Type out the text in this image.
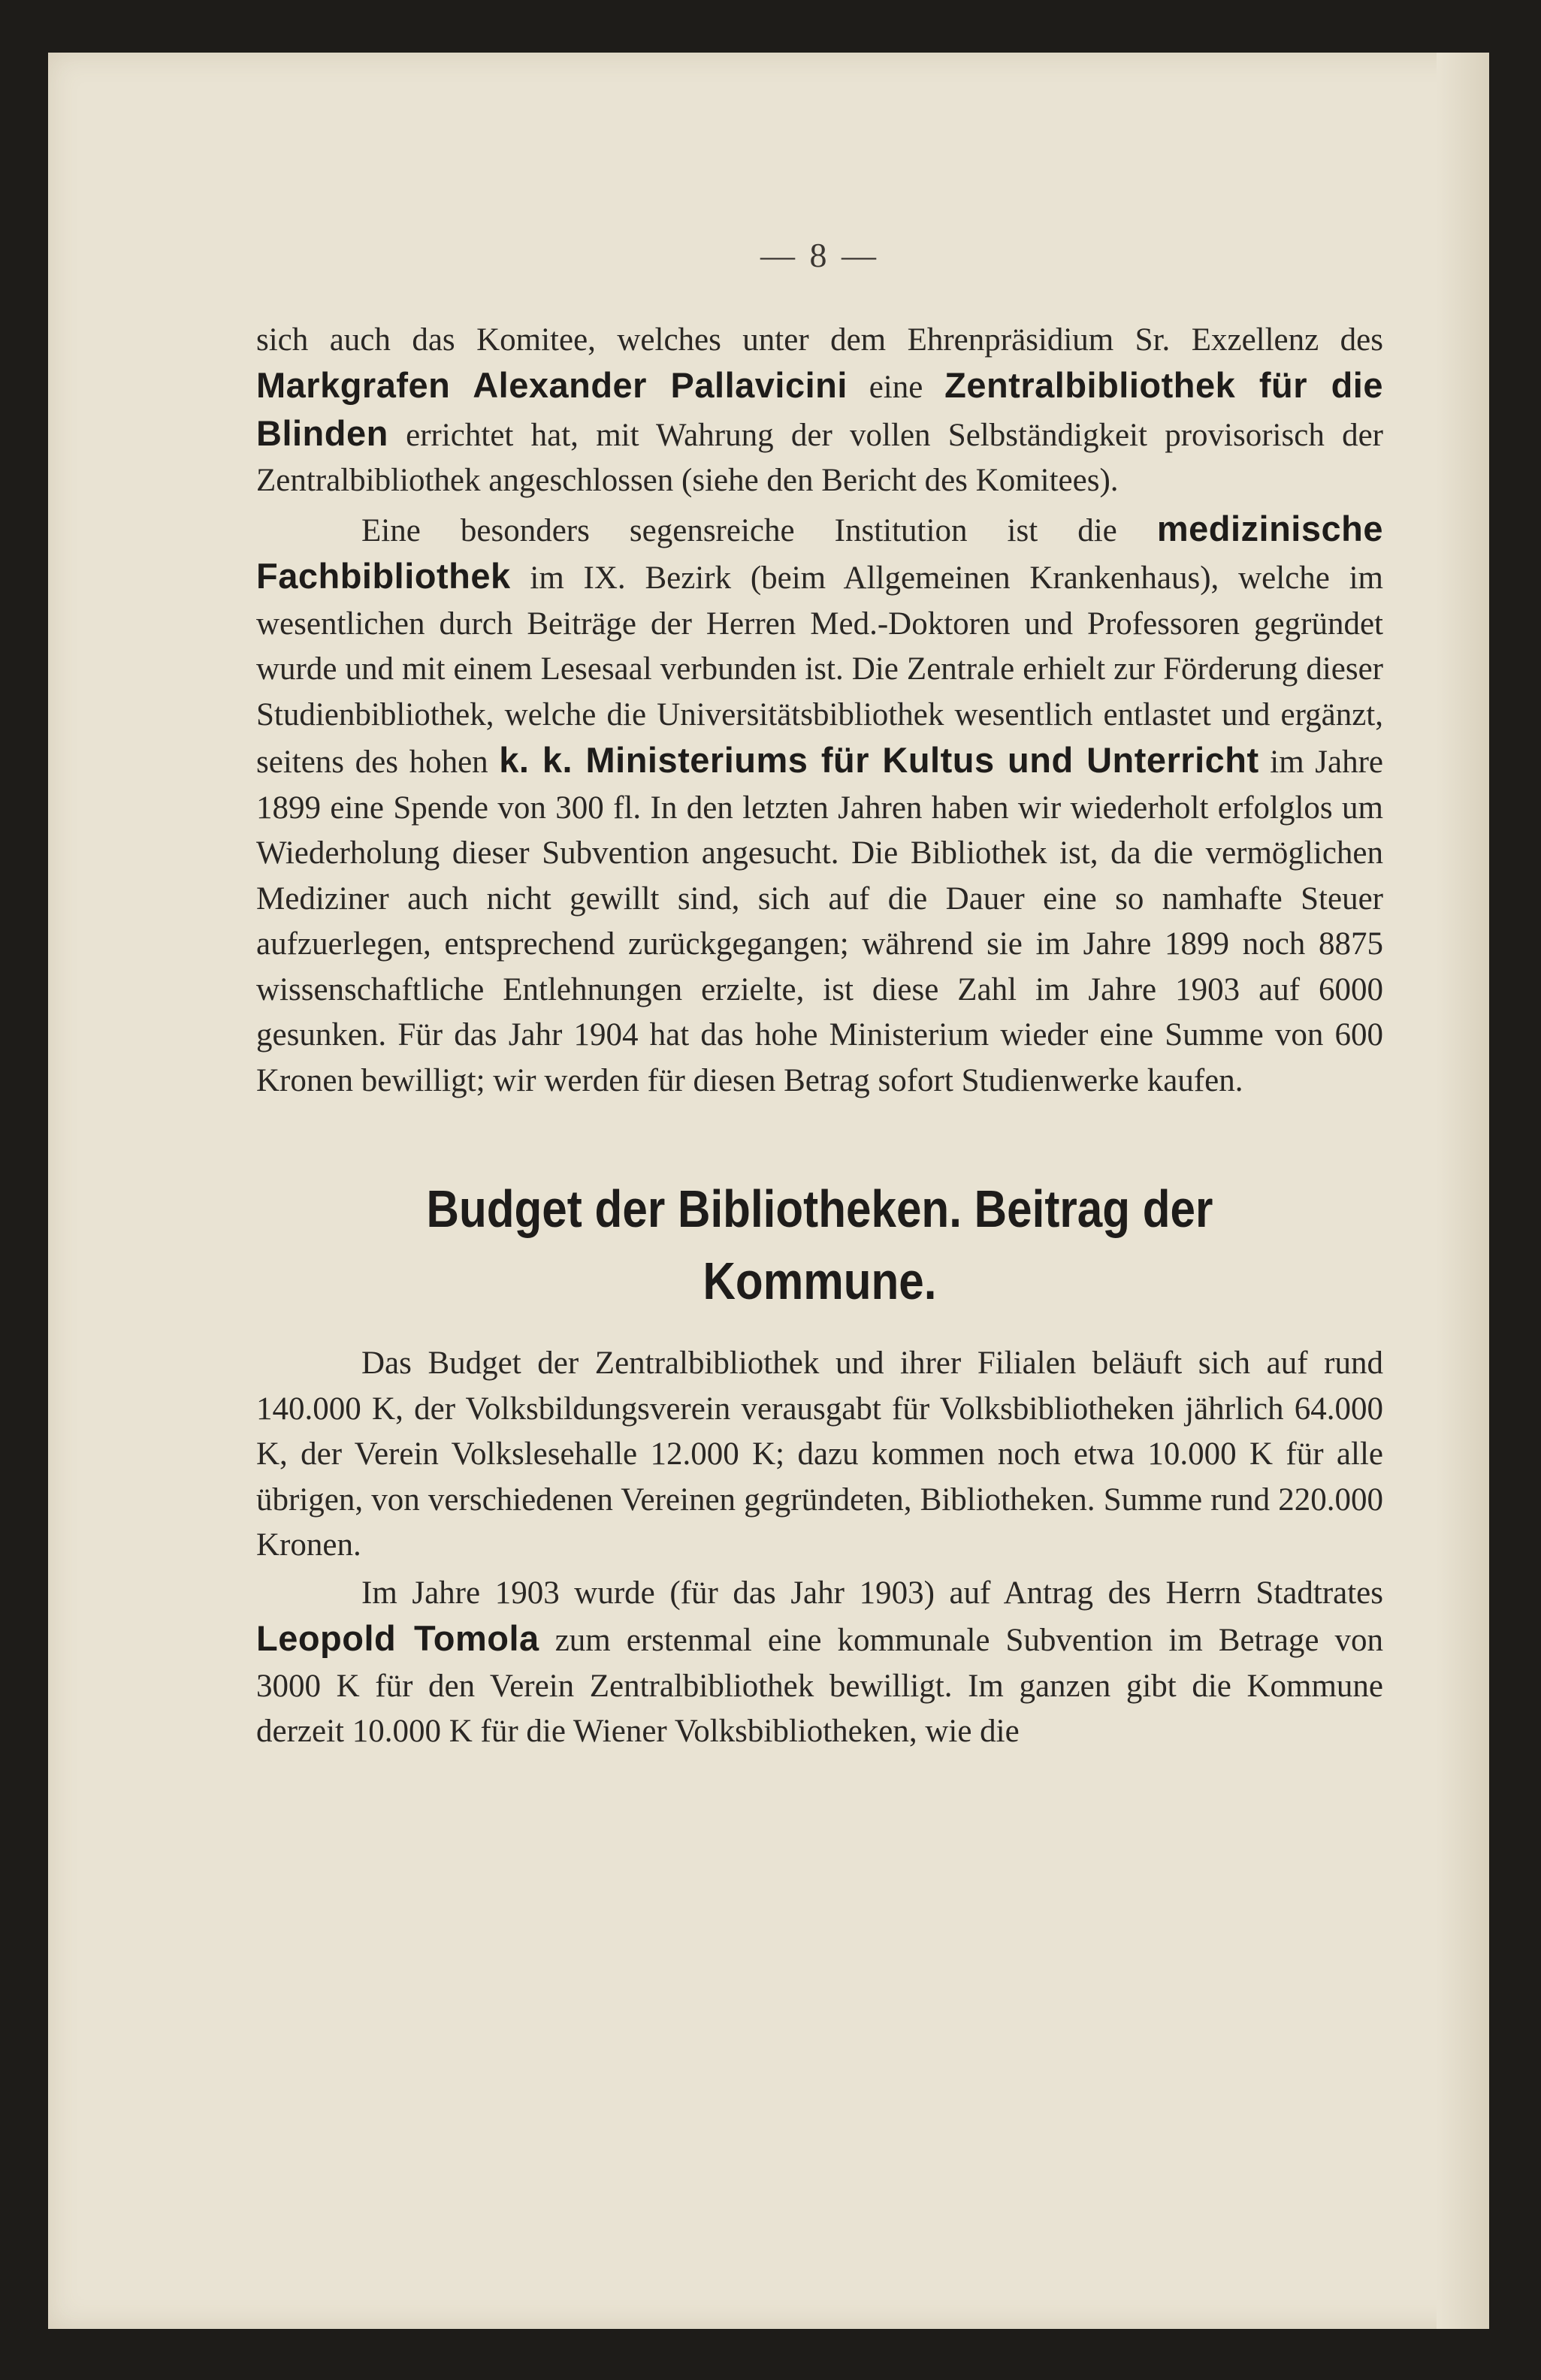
— 8 —

sich auch das Komitee, welches unter dem Ehrenpräsidium Sr. Exzellenz des Markgrafen Alexander Pallavicini eine Zentralbibliothek für die Blinden errichtet hat, mit Wahrung der vollen Selbständigkeit provisorisch der Zentralbibliothek angeschlossen (siehe den Bericht des Komitees).

Eine besonders segensreiche Institution ist die medizinische Fachbibliothek im IX. Bezirk (beim Allgemeinen Krankenhaus), welche im wesentlichen durch Beiträge der Herren Med.-Doktoren und Professoren gegründet wurde und mit einem Lesesaal verbunden ist. Die Zentrale erhielt zur Förderung dieser Studienbibliothek, welche die Universitätsbibliothek wesentlich entlastet und ergänzt, seitens des hohen k. k. Ministeriums für Kultus und Unterricht im Jahre 1899 eine Spende von 300 fl. In den letzten Jahren haben wir wiederholt erfolglos um Wiederholung dieser Subvention angesucht. Die Bibliothek ist, da die vermöglichen Mediziner auch nicht gewillt sind, sich auf die Dauer eine so namhafte Steuer aufzuerlegen, entsprechend zurückgegangen; während sie im Jahre 1899 noch 8875 wissenschaftliche Entlehnungen erzielte, ist diese Zahl im Jahre 1903 auf 6000 gesunken. Für das Jahr 1904 hat das hohe Ministerium wieder eine Summe von 600 Kronen bewilligt; wir werden für diesen Betrag sofort Studienwerke kaufen.

Budget der Bibliotheken. Beitrag der Kommune.

Das Budget der Zentralbibliothek und ihrer Filialen beläuft sich auf rund 140.000 K, der Volksbildungsverein verausgabt für Volksbibliotheken jährlich 64.000 K, der Verein Volkslesehalle 12.000 K; dazu kommen noch etwa 10.000 K für alle übrigen, von verschiedenen Vereinen gegründeten, Bibliotheken. Summe rund 220.000 Kronen.

Im Jahre 1903 wurde (für das Jahr 1903) auf Antrag des Herrn Stadtrates Leopold Tomola zum erstenmal eine kommunale Subvention im Betrage von 3000 K für den Verein Zentralbibliothek bewilligt. Im ganzen gibt die Kommune derzeit 10.000 K für die Wiener Volksbibliotheken, wie die
